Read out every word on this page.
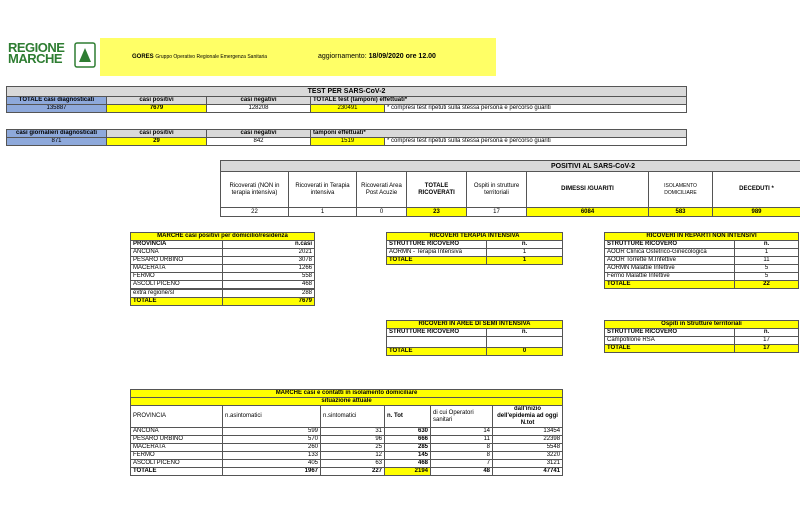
REGIONE
MARCHE	GORES Gruppo Operativo Regionale Emergenza Sanitaria	aggiornamento: 18/09/2020 ore 12.00
TEST PER SARS-CoV-2				
TOTALE casi diagnosticati	casi positivi	casi negativi	TOTALE test (tamponi) effettuati*	
135887	7679	128208	230491	* compresi test ripetuti sulla stessa persona e percorso guariti
casi giornalieri diagnosticati	casi positivi	casi negativi	tamponi effettuati*	
871	29	842	1519	* compresi test ripetuti sulla stessa persona e percorso guariti
POSITIVI AL SARS-CoV-2							
Ricoverati (NON in terapia intensiva)	Ricoverati in Terapia intensiva	Ricoverati Area Post Acuzie	TOTALE RICOVERATI	Ospiti in strutture territoriali	DIMESSI /GUARITI	ISOLAMENTO DOMICILIARE	DECEDUTI *
22	1	0	23	17	6084	583	989
MARCHE casi positivi per domicilio/residenza	
PROVINCIA	n.casi
ANCONA	2021
PESARO URBINO	3078
MACERATA	1266
FERMO	558
ASCOLI PICENO	468

extra regione/sl	288
TOTALE	7679
RICOVERI TERAPIA INTENSIVA	
STRUTTURE RICOVERO	n.
AORMN - Terapia Intensiva	1
TOTALE	1
RICOVERI IN REPARTI NON INTENSIVI	
STRUTTURE RICOVERO	n.
AOOR Clinica Ostetrico-Ginecologica	1
AOOR Torrette M.Infettive	11
AORMN Malattie Infettive	5
Fermo Malattie Infettive	5
TOTALE	22
RICOVERI IN AREE DI SEMI INTENSIVA	
STRUTTURE RICOVERO	n.

TOTALE	0
Ospiti in Strutture territoriali	
STRUTTURE RICOVERO	n.
Campofilone RSA	17
TOTALE	17
MARCHE casi e contatti in isolamento domiciliare					
situazione attuale					
PROVINCIA	n.asintomatici	n.sintomatici	n. Tot	di cui Operatori sanitari	dall'inizio dell'epidemia ad oggi N.tot
ANCONA	599	31	630	14	13454
PESARO URBINO	570	96	666	11	22398
MACERATA	260	25	285	8	5548
FERMO	133	12	145	8	3220
ASCOLI PICENO	405	63	468	7	3121
TOTALE	1967	227	2194	48	47741
